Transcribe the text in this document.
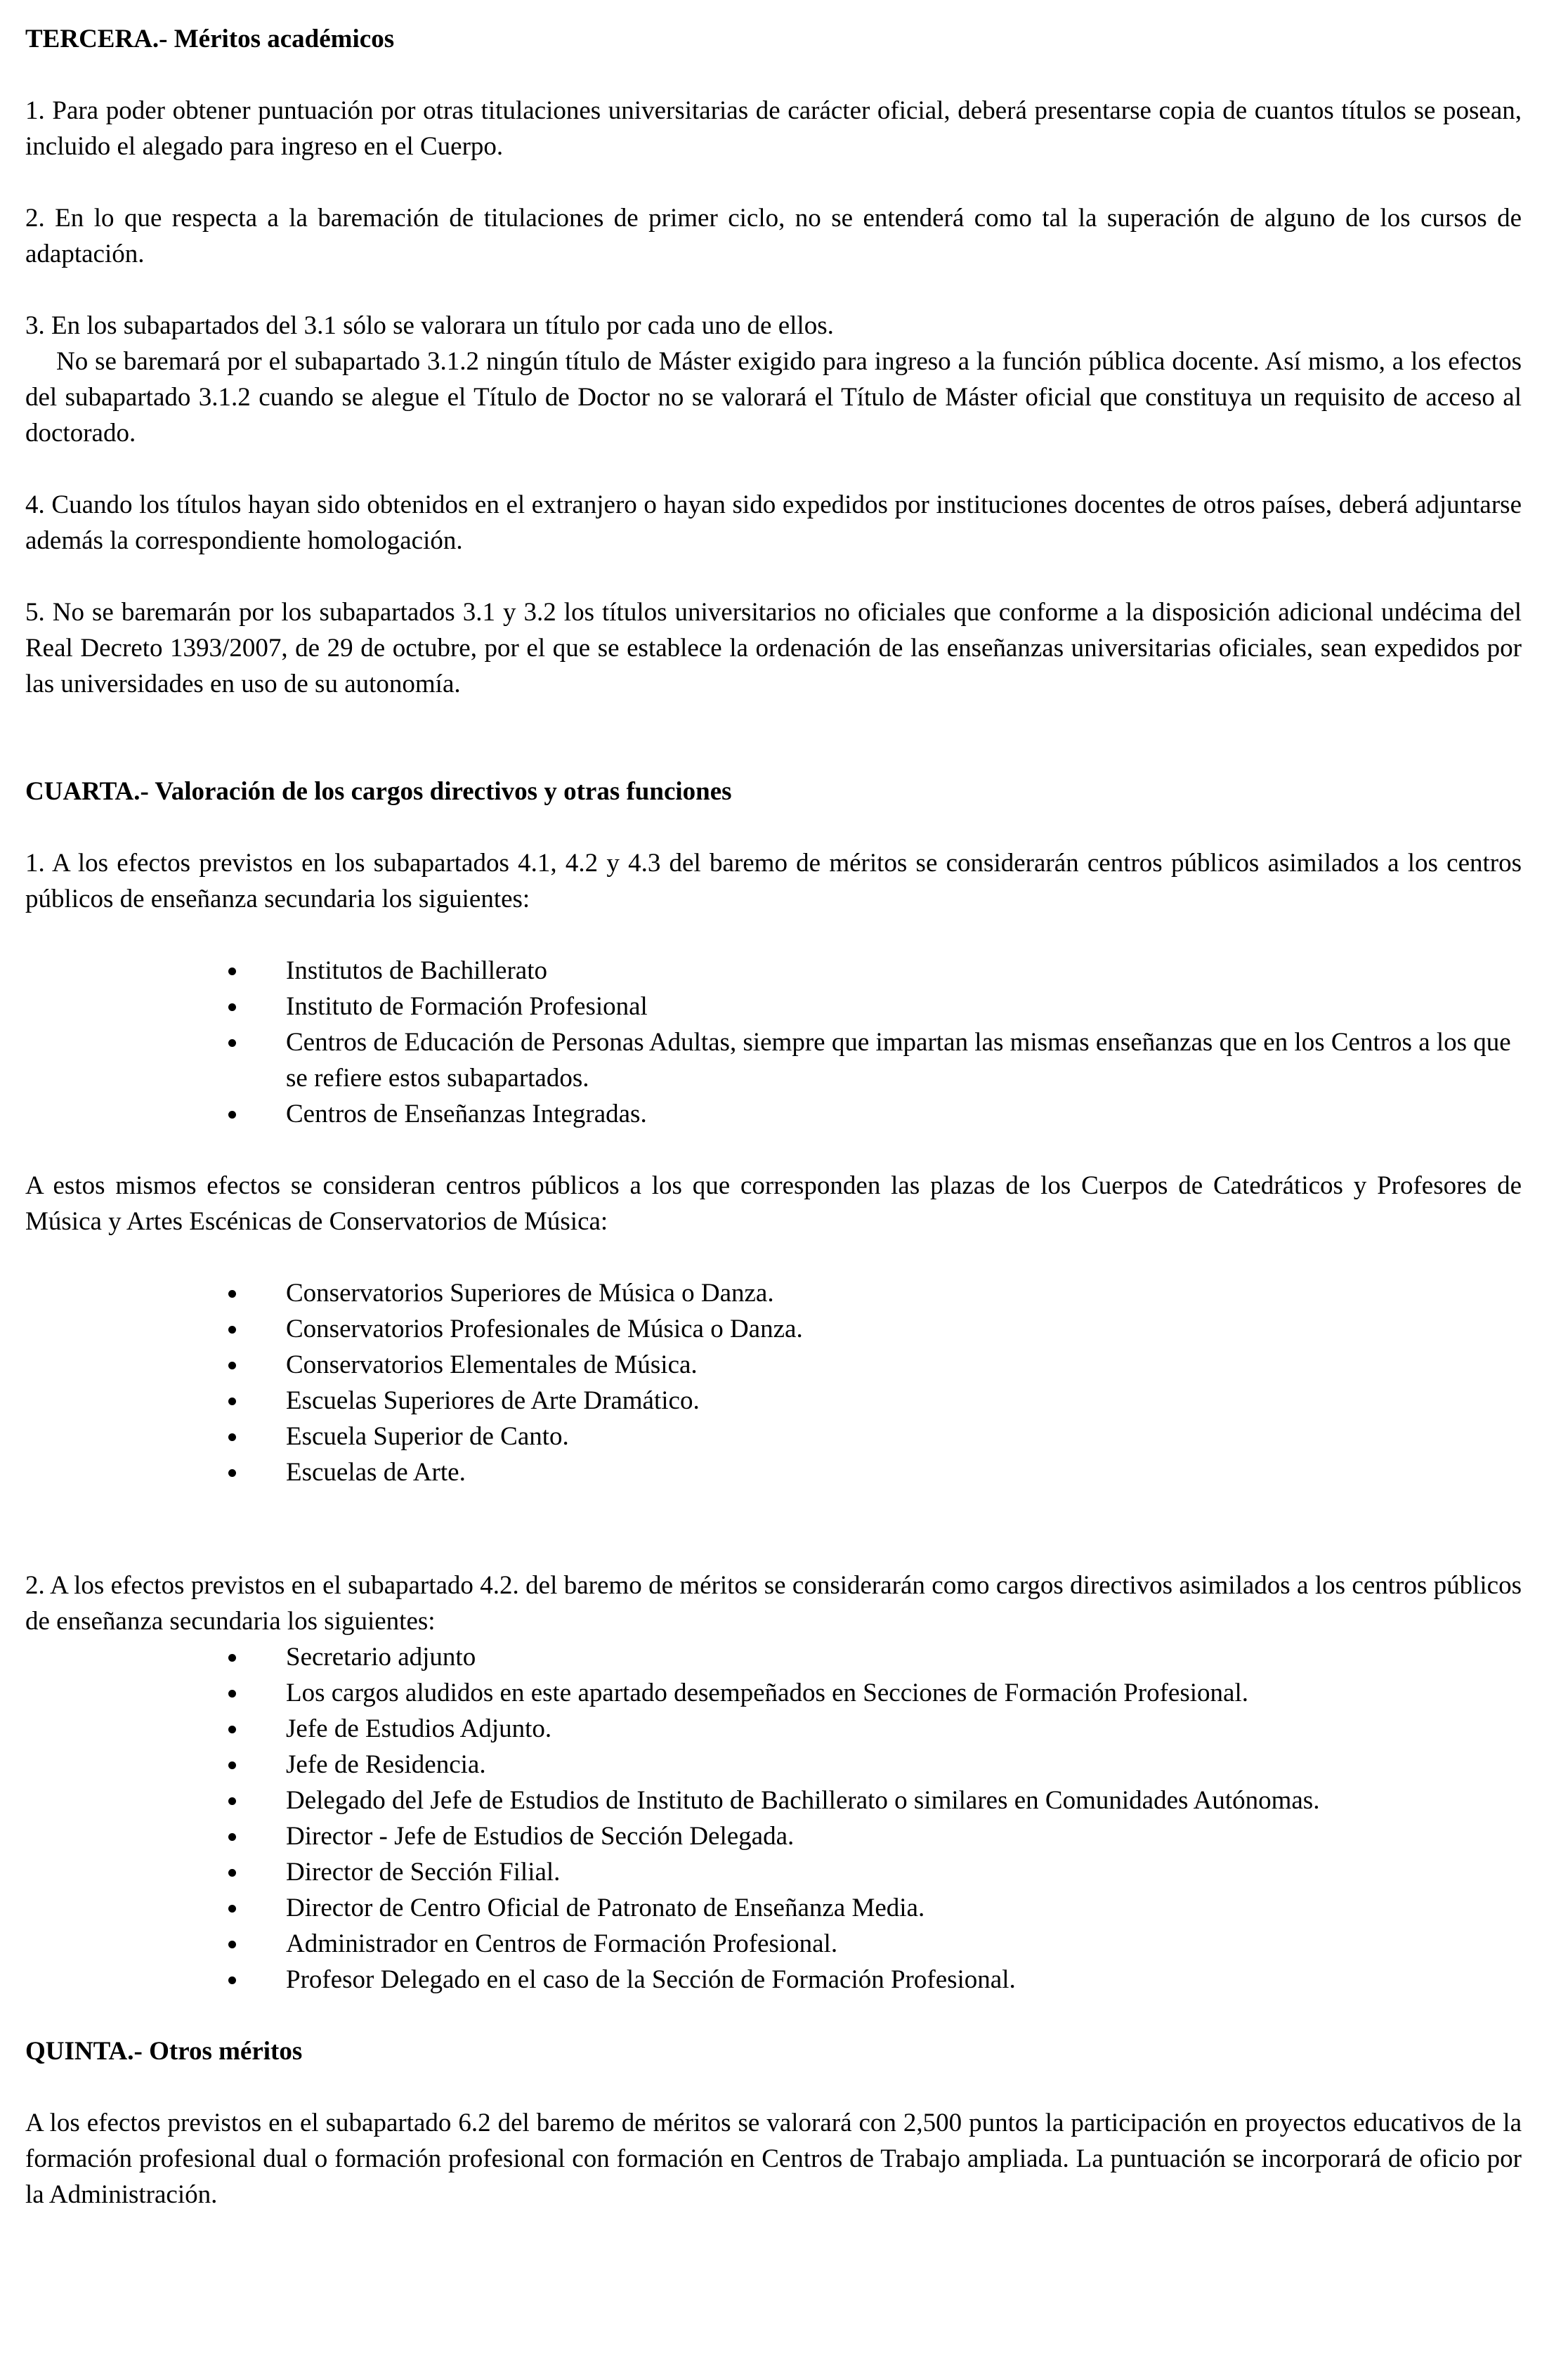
TERCERA.- Méritos académicos

1. Para poder obtener puntuación por otras titulaciones universitarias de carácter oficial, deberá presentarse copia de cuantos títulos se posean, incluido el alegado para ingreso en el Cuerpo.

2. En lo que respecta a la baremación de titulaciones de primer ciclo, no se entenderá como tal la superación de alguno de los cursos de adaptación.

3. En los subapartados del 3.1 sólo se valorara un título por cada uno de ellos.

No se baremará por el subapartado 3.1.2 ningún título de Máster exigido para ingreso a la función pública docente. Así mismo, a los efectos del subapartado 3.1.2 cuando se alegue el Título de Doctor no se valorará el Título de Máster oficial que constituya un requisito de acceso al doctorado.

4. Cuando los títulos hayan sido obtenidos en el extranjero o hayan sido expedidos por instituciones docentes de otros países, deberá adjuntarse además la correspondiente homologación.

5. No se baremarán por los subapartados 3.1 y 3.2 los títulos universitarios no oficiales que conforme a la disposición adicional undécima del Real Decreto 1393/2007, de 29 de octubre, por el que se establece la ordenación de las enseñanzas universitarias oficiales, sean expedidos por las universidades en uso de su autonomía.

CUARTA.- Valoración de los cargos directivos y otras funciones

1. A los efectos previstos en los subapartados 4.1, 4.2 y 4.3 del baremo de méritos se considerarán centros públicos asimilados a los centros públicos de enseñanza secundaria los siguientes:

Institutos de Bachillerato
Instituto de Formación Profesional
Centros de Educación de Personas Adultas, siempre que impartan las mismas enseñanzas que en los Centros a los que se refiere estos subapartados.
Centros de Enseñanzas Integradas.

A estos mismos efectos se consideran centros públicos a los que corresponden las plazas de los Cuerpos de Catedráticos y Profesores de Música y Artes Escénicas de Conservatorios de Música:

Conservatorios Superiores de Música o Danza.
Conservatorios Profesionales de Música o Danza.
Conservatorios Elementales de Música.
Escuelas Superiores de Arte Dramático.
Escuela Superior de Canto.
Escuelas de Arte.

2. A los efectos previstos en el subapartado 4.2. del baremo de méritos se considerarán como cargos directivos asimilados a los centros públicos de enseñanza secundaria los siguientes:

Secretario adjunto
Los cargos aludidos en este apartado desempeñados en Secciones de Formación Profesional.
Jefe de Estudios Adjunto.
Jefe de Residencia.
Delegado del Jefe de Estudios de Instituto de Bachillerato o similares en Comunidades Autónomas.
Director - Jefe de Estudios de Sección Delegada.
Director de Sección Filial.
Director de Centro Oficial de Patronato de Enseñanza Media.
Administrador en Centros de Formación Profesional.
Profesor Delegado en el caso de la Sección de Formación Profesional.
QUINTA.- Otros méritos

A los efectos previstos en el subapartado 6.2 del baremo de méritos se valorará con 2,500 puntos la participación en proyectos educativos de la formación profesional dual o formación profesional con formación en Centros de Trabajo ampliada. La puntuación se incorporará de oficio por la Administración.
